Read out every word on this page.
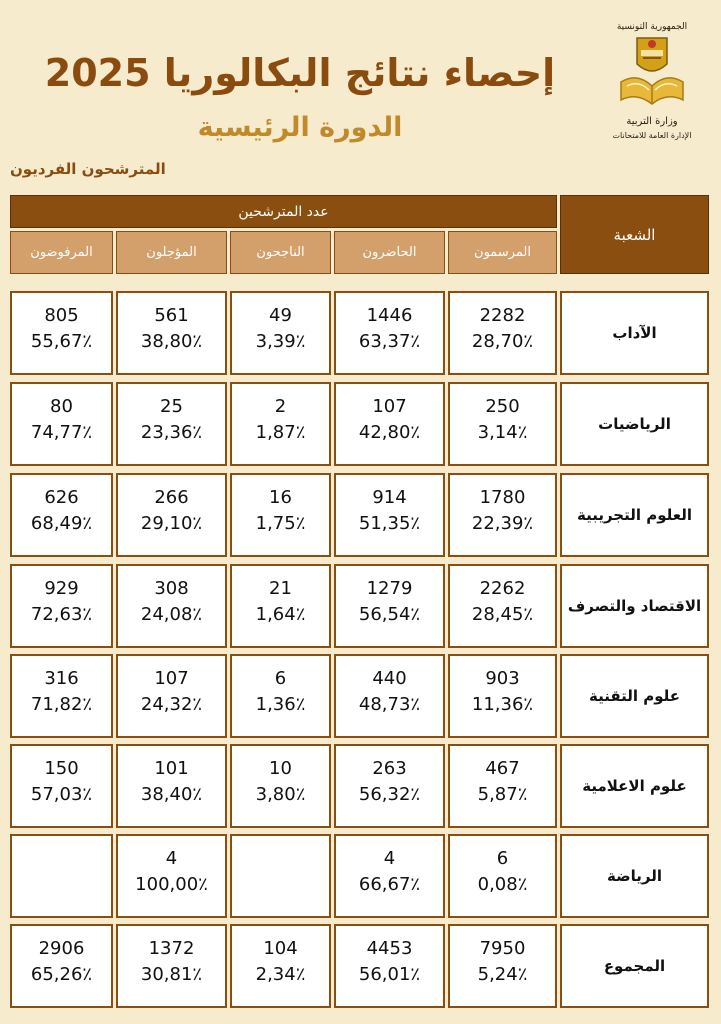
الجمهورية التونسية
وزارة التربية
الإدارة العامة للامتحانات
إحصاء نتائج البكالوريا 2025
الدورة الرئيسية
المترشحون الفرديون
عدد المترشحين
الشعبة
المرسمون
الحاضرون
الناجحون
المؤجلون
المرفوضون
الآداب
2282
28,70٪
1446
63,37٪
49
3,39٪
561
38,80٪
805
55,67٪
الرياضيات
250
3,14٪
107
42,80٪
2
1,87٪
25
23,36٪
80
74,77٪
العلوم التجريبية
1780
22,39٪
914
51,35٪
16
1,75٪
266
29,10٪
626
68,49٪
الاقتصاد والتصرف
2262
28,45٪
1279
56,54٪
21
1,64٪
308
24,08٪
929
72,63٪
علوم التقنية
903
11,36٪
440
48,73٪
6
1,36٪
107
24,32٪
316
71,82٪
علوم الاعلامية
467
5,87٪
263
56,32٪
10
3,80٪
101
38,40٪
150
57,03٪
الرياضة
6
0,08٪
4
66,67٪
4
100,00٪
المجموع
7950
5,24٪
4453
56,01٪
104
2,34٪
1372
30,81٪
2906
65,26٪
